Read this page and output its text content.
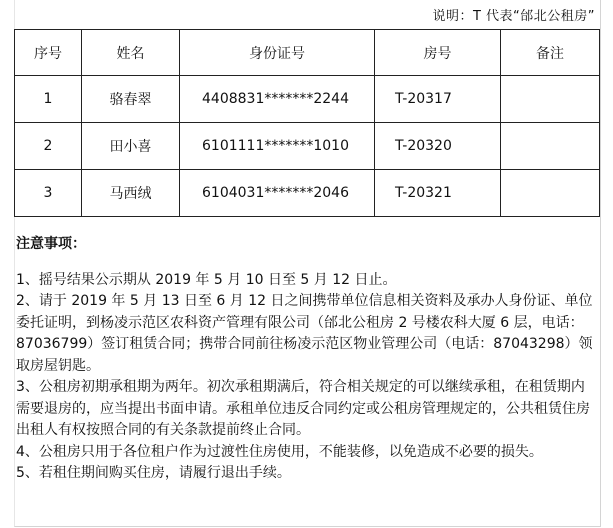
说明：T 代表“邰北公租房”
序号	姓名	身份证号	房号	备注
1	骆春翠	4408831*******2244	T-20317	
2	田小喜	6101111*******1010	T-20320	
3	马西绒	6104031*******2046	T-20321	
注意事项：

1、摇号结果公示期从 2019 年 5 月 10 日至 5 月 12 日止。

2、请于 2019 年 5 月 13 日至 6 月 12 日之间携带单位信息相关资料及承办人身份证、单位委托证明，到杨凌示范区农科资产管理有限公司（邰北公租房 2 号楼农科大厦 6 层，电话：87036799）签订租赁合同；携带合同前往杨凌示范区物业管理公司（电话：87043298）领取房屋钥匙。

3、公租房初期承租期为两年。初次承租期满后，符合相关规定的可以继续承租，在租赁期内需要退房的，应当提出书面申请。承租单位违反合同约定或公租房管理规定的，公共租赁住房出租人有权按照合同的有关条款提前终止合同。

4、公租房只用于各位租户作为过渡性住房使用，不能装修，以免造成不必要的损失。

5、若租住期间购买住房，请履行退出手续。
